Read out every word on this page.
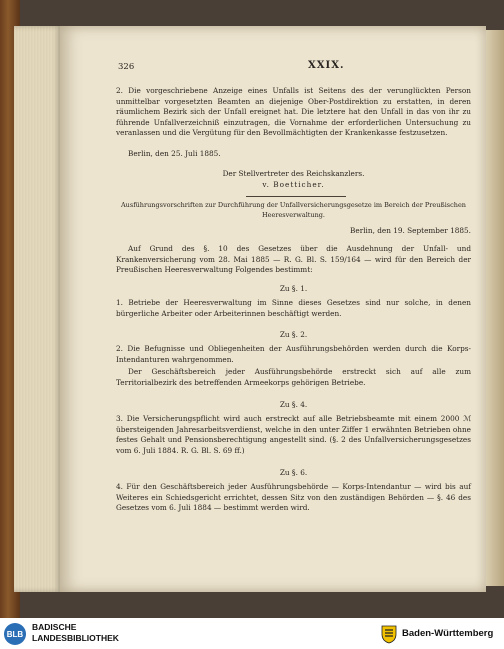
326	XXIX.
2. Die vorgeschriebene Anzeige eines Unfalls ist Seitens des der verunglückten Person unmittelbar vorgesetzten Beamten an diejenige Ober-Postdirektion zu erstatten, in deren räumlichem Bezirk sich der Unfall ereignet hat. Die letztere hat den Unfall in das von ihr zu führende Unfallverzeichniß einzutragen, die Vornahme der erforderlichen Untersuchung zu veranlassen und die Vergütung für den Bevollmächtigten der Krankenkasse festzusetzen.
Berlin, den 25. Juli 1885.
Der Stellvertreter des Reichskanzlers.
v. Boetticher.
Ausführungsvorschriften zur Durchführung der Unfallversicherungsgesetze im Bereich der Preußischen Heeresverwaltung.
Berlin, den 19. September 1885.
Auf Grund des §. 10 des Gesetzes über die Ausdehnung der Unfall- und Krankenversicherung vom 28. Mai 1885 — R. G. Bl. S. 159/164 — wird für den Bereich der Preußischen Heeresverwaltung Folgendes bestimmt:
Zu §. 1.
1. Betriebe der Heeresverwaltung im Sinne dieses Gesetzes sind nur solche, in denen bürgerliche Arbeiter oder Arbeiterinnen beschäftigt werden.
Zu §. 2.
2. Die Befugnisse und Obliegenheiten der Ausführungsbehörden werden durch die Korps-Intendanturen wahrgenommen.
Der Geschäftsbereich jeder Ausführungsbehörde erstreckt sich auf alle zum Territorialbezirk des betreffenden Armeekorps gehörigen Betriebe.
Zu §. 4.
3. Die Versicherungspflicht wird auch erstreckt auf alle Betriebsbeamte mit einem 2000 ℳ übersteigenden Jahresarbeitsverdienst, welche in den unter Ziffer 1 erwähnten Betrieben ohne festes Gehalt und Pensionsberechtigung angestellt sind. (§. 2 des Unfallversicherungsgesetzes vom 6. Juli 1884. R. G. Bl. S. 69 ff.)
Zu §. 6.
4. Für den Geschäftsbereich jeder Ausführungsbehörde — Korps-Intendantur — wird bis auf Weiteres ein Schiedsgericht errichtet, dessen Sitz von den zuständigen Behörden — §. 46 des Gesetzes vom 6. Juli 1884 — bestimmt werden wird.
BLB
BADISCHE
LANDESBIBLIOTHEK	Baden-Württemberg
